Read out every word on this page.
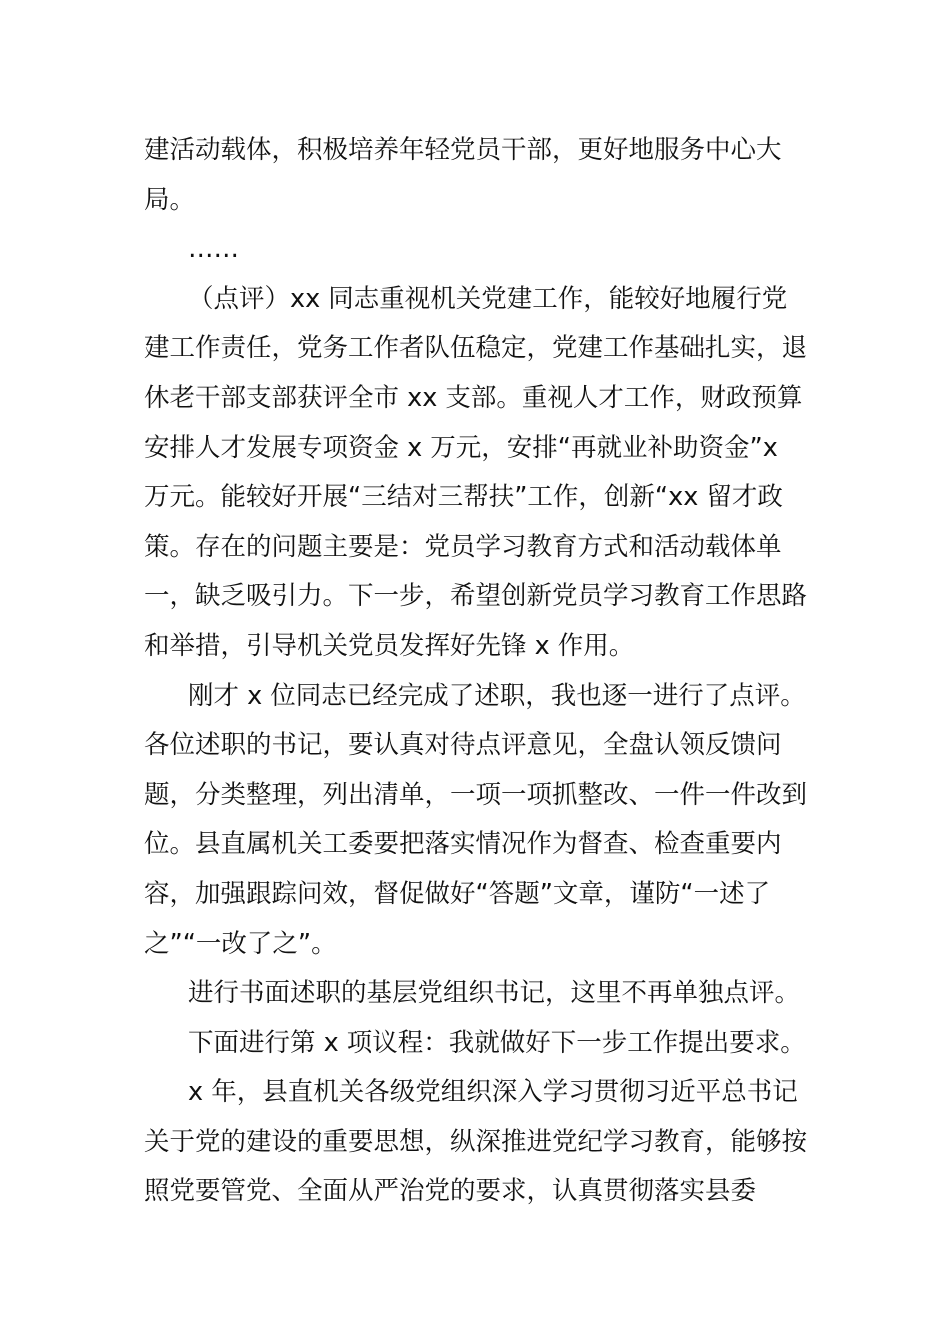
建活动载体，积极培养年轻党员干部，更好地服务中心大局。

……

（点评）xx 同志重视机关党建工作，能较好地履行党建工作责任，党务工作者队伍稳定，党建工作基础扎实，退休老干部支部获评全市 xx 支部。重视人才工作，财政预算安排人才发展专项资金 x 万元，安排“再就业补助资金”x 万元。能较好开展“三结对三帮扶”工作，创新“xx 留才政策。存在的问题主要是：党员学习教育方式和活动载体单一，缺乏吸引力。下一步，希望创新党员学习教育工作思路和举措，引导机关党员发挥好先锋 x 作用。

刚才 x 位同志已经完成了述职，我也逐一进行了点评。各位述职的书记，要认真对待点评意见，全盘认领反馈问题，分类整理，列出清单，一项一项抓整改、一件一件改到位。县直属机关工委要把落实情况作为督查、检查重要内容，加强跟踪问效，督促做好“答题”文章，谨防“一述了之”“一改了之”。

进行书面述职的基层党组织书记，这里不再单独点评。

下面进行第 x 项议程：我就做好下一步工作提出要求。

x 年，县直机关各级党组织深入学习贯彻习近平总书记关于党的建设的重要思想，纵深推进党纪学习教育，能够按照党要管党、全面从严治党的要求，认真贯彻落实县委
